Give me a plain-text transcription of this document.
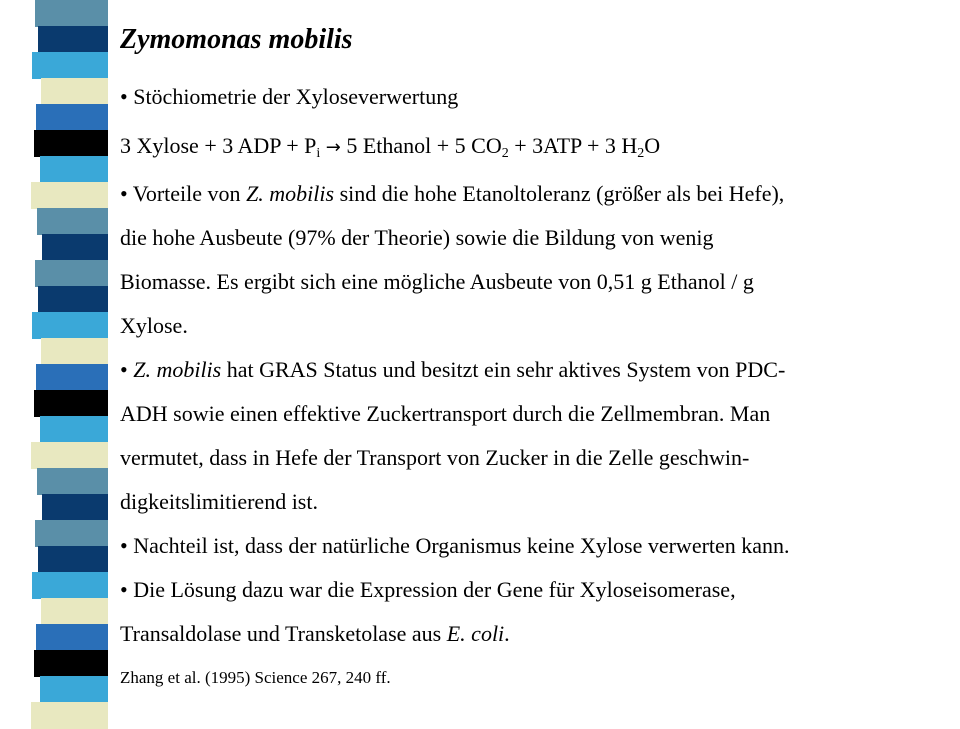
Zymomonas mobilis
• Stöchiometrie der Xyloseverwertung
3 Xylose + 3 ADP + $P_i \to 5$ Ethanol + 5 $CO_2 + 3ATP + 3$ $H_2O$
• Vorteile von Z. mobilis sind die hohe Etanoltoleranz (größer als bei Hefe),
die hohe Ausbeute (97% der Theorie) sowie die Bildung von wenig
Biomasse. Es ergibt sich eine mögliche Ausbeute von 0,51 g Ethanol / g
Xylose.
• Z. mobilis hat GRAS Status und besitzt ein sehr aktives System von PDC-
ADH sowie einen effektive Zuckertransport durch die Zellmembran. Man
vermutet, dass in Hefe der Transport von Zucker in die Zelle geschwin-
digkeitslimitierend ist.
• Nachteil ist, dass der natürliche Organismus keine Xylose verwerten kann.
• Die Lösung dazu war die Expression der Gene für Xyloseisomerase,
Transaldolase und Transketolase aus E. coli.
Zhang et al. (1995) Science 267, 240 ff.
